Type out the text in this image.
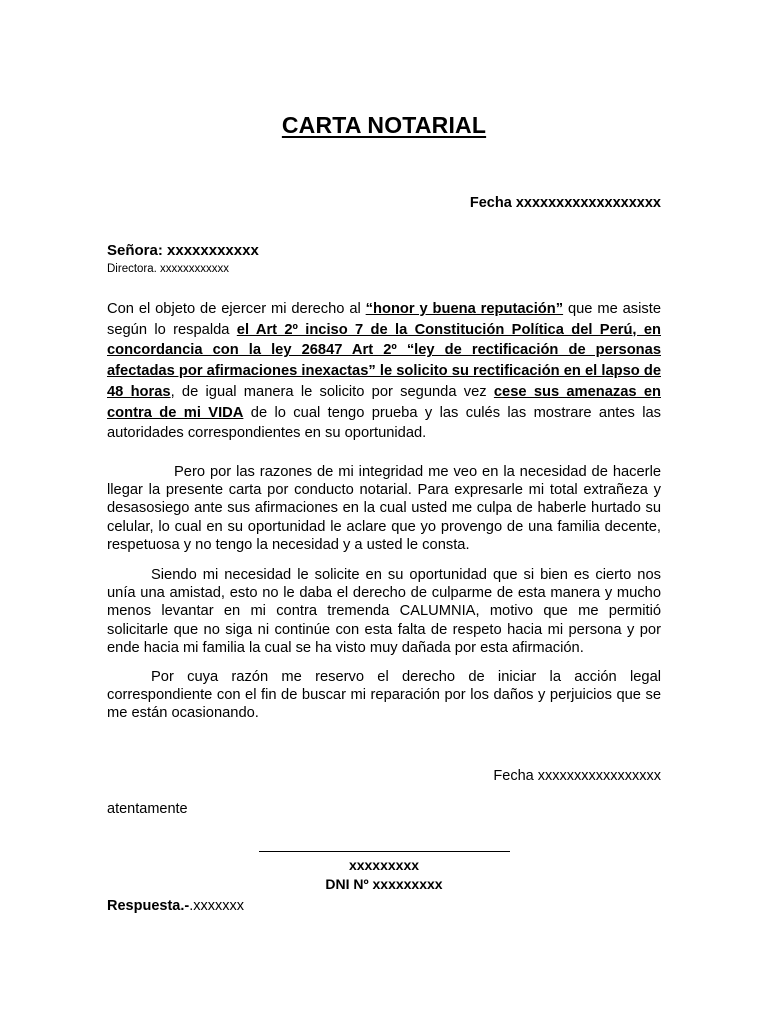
CARTA NOTARIAL
Fecha xxxxxxxxxxxxxxxxxx
Señora: xxxxxxxxxxx
Directora. xxxxxxxxxxxx

Con el objeto de ejercer mi derecho al “honor y buena reputación” que me asiste según lo respalda el Art 2º inciso 7 de la Constitución Política del Perú, en concordancia con la ley 26847 Art 2º “ley de rectificación de personas afectadas por afirmaciones inexactas” le solicito su rectificación en el lapso de 48 horas, de igual manera le solicito por segunda vez cese sus amenazas en contra de mi VIDA de lo cual tengo prueba y las culés las mostrare antes las autoridades correspondientes en su oportunidad.

Pero por las razones de mi integridad me veo en la necesidad de hacerle llegar la presente carta por conducto notarial. Para expresarle mi total extrañeza y desasosiego ante sus afirmaciones en la cual usted me culpa de haberle hurtado su celular, lo cual en su oportunidad le aclare que yo provengo de una familia decente, respetuosa y no tengo la necesidad y a usted le consta.

Siendo mi necesidad le solicite en su oportunidad que si bien es cierto nos unía una amistad, esto no le daba el derecho de culparme de esta manera y mucho menos levantar en mi contra tremenda CALUMNIA, motivo que me permitió solicitarle que no siga ni continúe con esta falta de respeto hacia mi persona y por ende hacia mi familia la cual se ha visto muy dañada por esta afirmación.

Por cuya razón me reservo el derecho de iniciar la acción legal correspondiente con el fin de buscar mi reparación por los daños y perjuicios que se me están ocasionando.

Fecha xxxxxxxxxxxxxxxxx
atentamente
xxxxxxxxx
DNI Nº xxxxxxxxx
Respuesta.-.xxxxxxx
